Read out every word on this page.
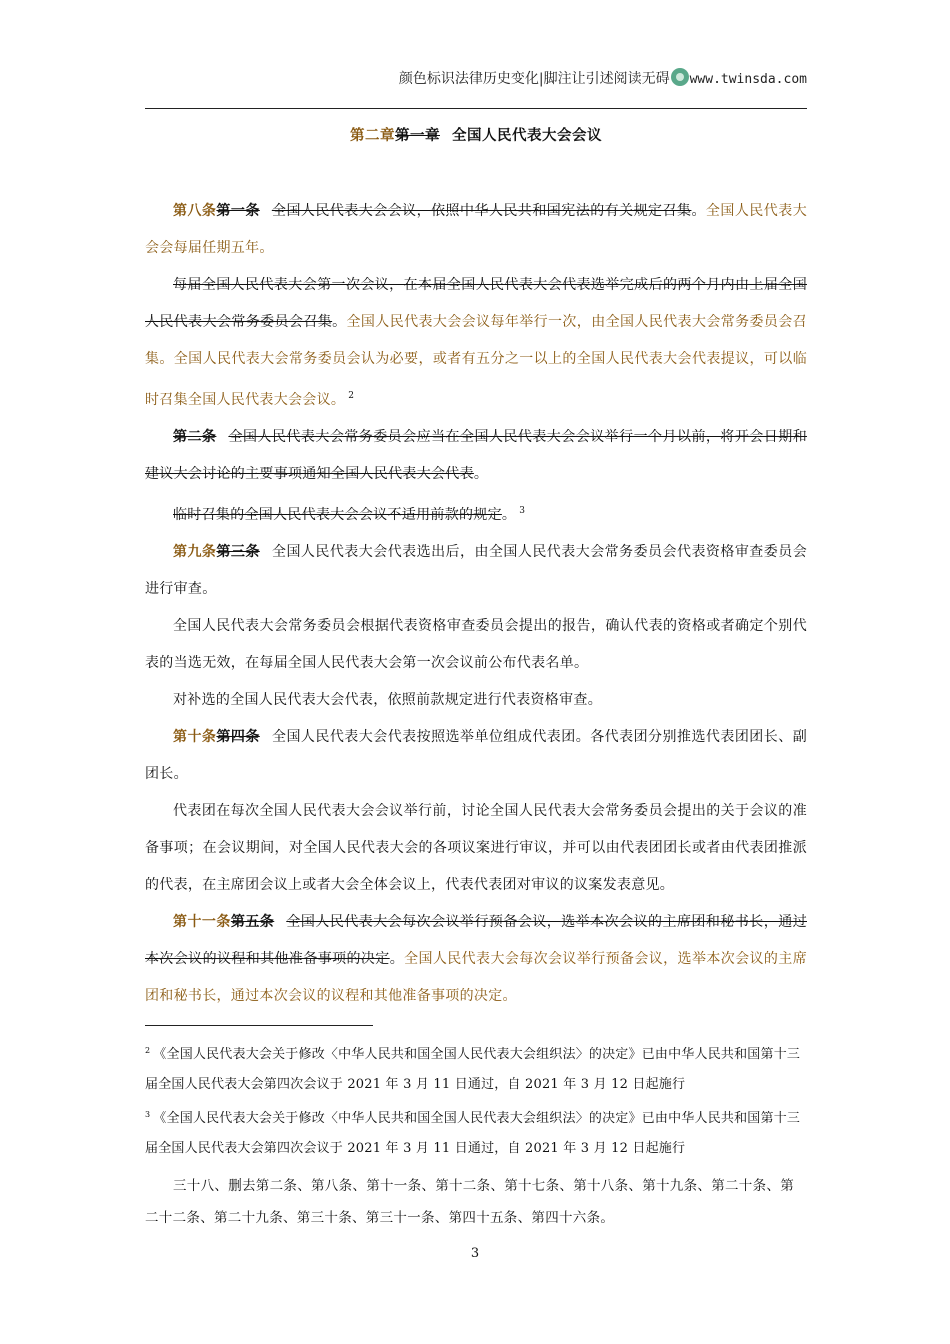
颜色标识法律历史变化|脚注让引述阅读无碍 www.twinsda.com
第二章第一章 全国人民代表大会会议

第八条第一条 全国人民代表大会会议，依照中华人民共和国宪法的有关规定召集。全国人民代表大会会每届任期五年。

每届全国人民代表大会第一次会议，在本届全国人民代表大会代表选举完成后的两个月内由上届全国人民代表大会常务委员会召集。全国人民代表大会会议每年举行一次，由全国人民代表大会常务委员会召集。全国人民代表大会常务委员会认为必要，或者有五分之一以上的全国人民代表大会代表提议，可以临时召集全国人民代表大会会议。 $^2$

第二条 全国人民代表大会常务委员会应当在全国人民代表大会会议举行一个月以前，将开会日期和建议大会讨论的主要事项通知全国人民代表大会代表。

临时召集的全国人民代表大会会议不适用前款的规定。 $^3$

第九条第三条 全国人民代表大会代表选出后，由全国人民代表大会常务委员会代表资格审查委员会进行审查。

全国人民代表大会常务委员会根据代表资格审查委员会提出的报告，确认代表的资格或者确定个别代表的当选无效，在每届全国人民代表大会第一次会议前公布代表名单。

对补选的全国人民代表大会代表，依照前款规定进行代表资格审查。

第十条第四条 全国人民代表大会代表按照选举单位组成代表团。各代表团分别推选代表团团长、副团长。

代表团在每次全国人民代表大会会议举行前，讨论全国人民代表大会常务委员会提出的关于会议的准备事项；在会议期间，对全国人民代表大会的各项议案进行审议，并可以由代表团团长或者由代表团推派的代表，在主席团会议上或者大会全体会议上，代表代表团对审议的议案发表意见。

第十一条第五条 全国人民代表大会每次会议举行预备会议，选举本次会议的主席团和秘书长，通过本次会议的议程和其他准备事项的决定。全国人民代表大会每次会议举行预备会议，选举本次会议的主席团和秘书长，通过本次会议的议程和其他准备事项的决定。

$^2$ 《全国人民代表大会关于修改〈中华人民共和国全国人民代表大会组织法〉的决定》已由中华人民共和国第十三届全国人民代表大会第四次会议于 2021 年 3 月 11 日通过，自 2021 年 3 月 12 日起施行

$^3$ 《全国人民代表大会关于修改〈中华人民共和国全国人民代表大会组织法〉的决定》已由中华人民共和国第十三届全国人民代表大会第四次会议于 2021 年 3 月 11 日通过，自 2021 年 3 月 12 日起施行

三十八、删去第二条、第八条、第十一条、第十二条、第十七条、第十八条、第十九条、第二十条、第二十二条、第二十九条、第三十条、第三十一条、第四十五条、第四十六条。

3
